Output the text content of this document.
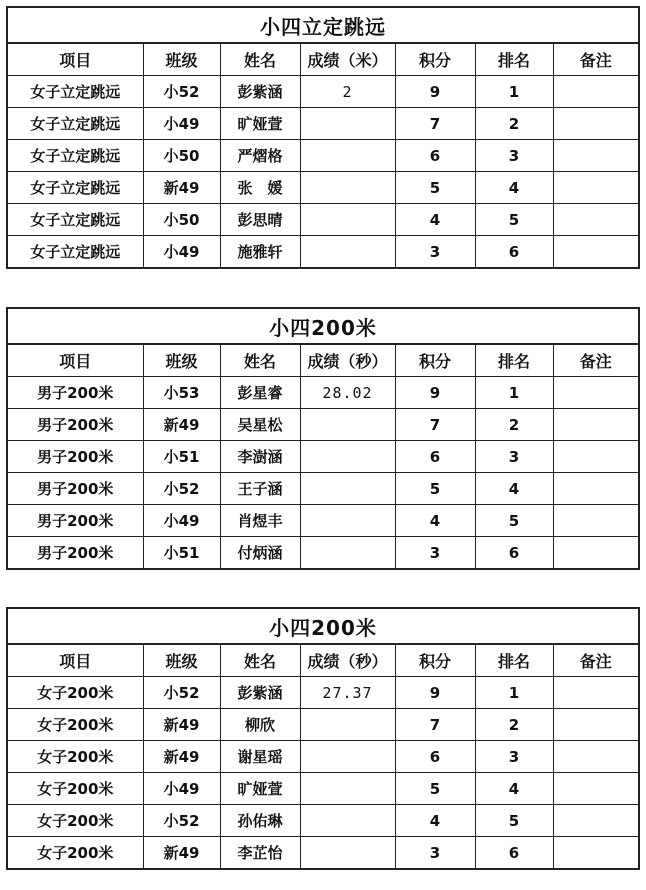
小四立定跳远
项目	班级	姓名	成绩（米）	积分	排名	备注
女子立定跳远	小52	彭紫涵	2	9	1	
女子立定跳远	小49	旷娅萱		7	2	
女子立定跳远	小50	严熠格		6	3	
女子立定跳远	新49	张　媛		5	4	
女子立定跳远	小50	彭思晴		4	5	
女子立定跳远	小49	施雅轩		3	6	
小四200米
项目	班级	姓名	成绩（秒）	积分	排名	备注
男子200米	小53	彭星睿	28.02	9	1	
男子200米	新49	吴星松		7	2	
男子200米	小51	李澍涵		6	3	
男子200米	小52	王子涵		5	4	
男子200米	小49	肖煜丰		4	5	
男子200米	小51	付炳涵		3	6	
小四200米
项目	班级	姓名	成绩（秒）	积分	排名	备注
女子200米	小52	彭紫涵	27.37	9	1	
女子200米	新49	柳欣		7	2	
女子200米	新49	谢星瑶		6	3	
女子200米	小49	旷娅萱		5	4	
女子200米	小52	孙佑琳		4	5	
女子200米	新49	李芷怡		3	6	
